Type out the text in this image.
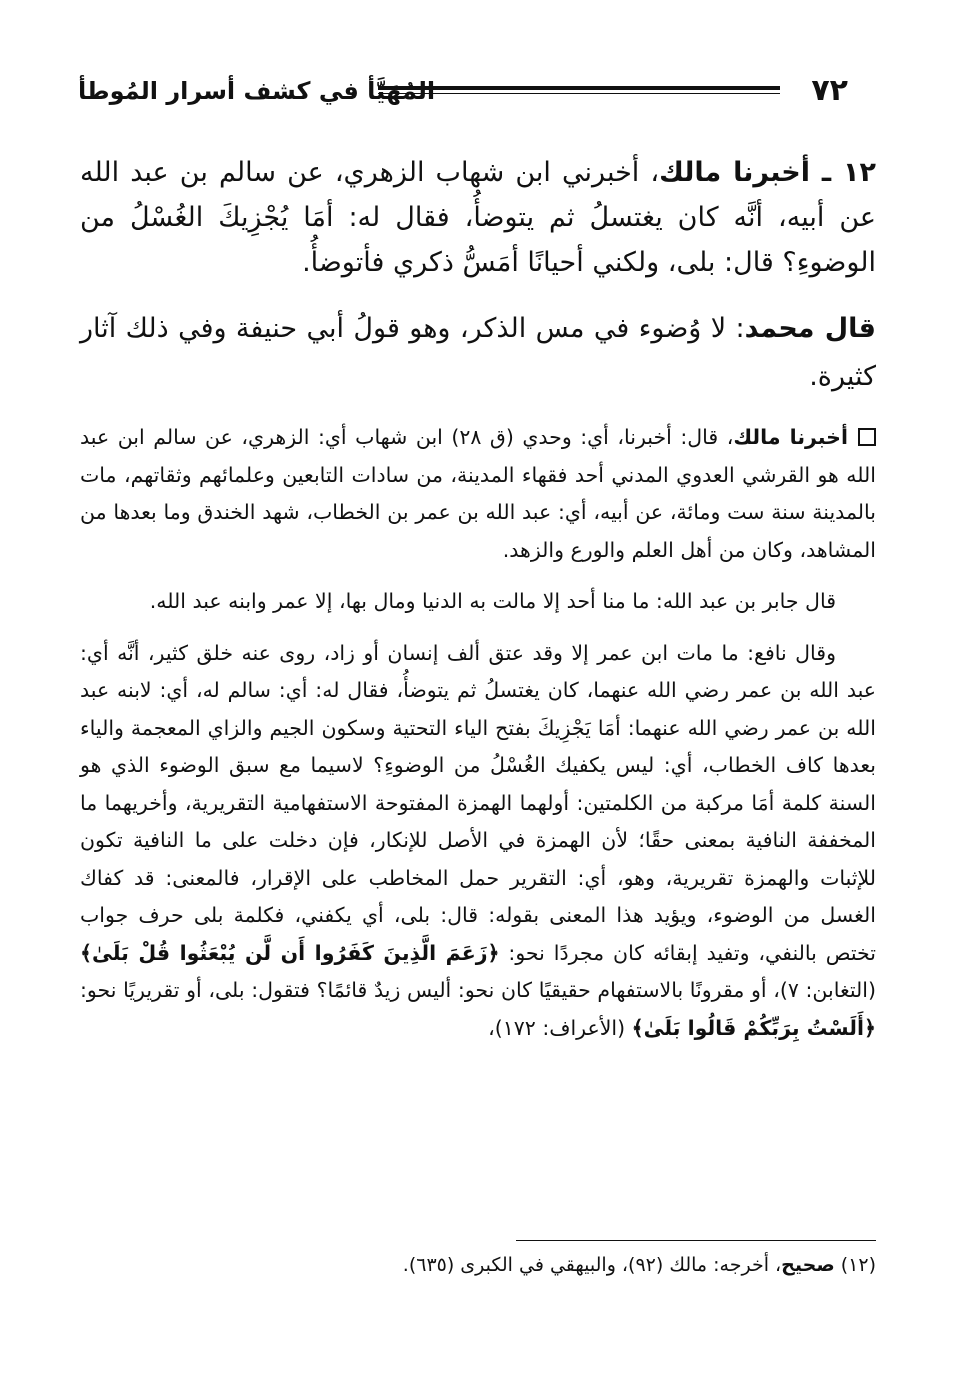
٧٢
المُهَيَّأ في كشف أسرار المُوطأ

١٢ ـ أخبرنا مالك، أخبرني ابن شهاب الزهري، عن سالم بن عبد الله عن أبيه، أنَّه كان يغتسلُ ثم يتوضأُ، فقال له: أمَا يُجْزِيكَ الغُسْلُ من الوضوءِ؟ قال: بلى، ولكني أحيانًا أمَسُّ ذكري فأتوضأُ.

قال محمد: لا وُضوء في مس الذكر، وهو قولُ أبي حنيفة وفي ذلك آثار كثيرة.

أخبرنا مالك، قال: أخبرنا، أي: وحدي (ق ٢٨) ابن شهاب أي: الزهري، عن سالم ابن عبد الله هو القرشي العدوي المدني أحد فقهاء المدينة، من سادات التابعين وعلمائهم وثقاتهم، مات بالمدينة سنة ست ومائة، عن أبيه، أي: عبد الله بن عمر بن الخطاب، شهد الخندق وما بعدها من المشاهد، وكان من أهل العلم والورع والزهد.

قال جابر بن عبد الله: ما منا أحد إلا مالت به الدنيا ومال بها، إلا عمر وابنه عبد الله.

وقال نافع: ما مات ابن عمر إلا وقد عتق ألف إنسان أو زاد، روى عنه خلق كثير، أنَّه أي: عبد الله بن عمر رضي الله عنهما، كان يغتسلُ ثم يتوضأُ، فقال له: أي: سالم له، أي: لابنه عبد الله بن عمر رضي الله عنهما: أمَا يَجْزِيكَ بفتح الياء التحتية وسكون الجيم والزاي المعجمة والياء بعدها كاف الخطاب، أي: ليس يكفيك الغُسْلُ من الوضوءِ؟ لاسيما مع سبق الوضوء الذي هو السنة كلمة أمَا مركبة من الكلمتين: أولهما الهمزة المفتوحة الاستفهامية التقريرية، وأخريهما ما المخففة النافية بمعنى حقًا؛ لأن الهمزة في الأصل للإنكار، فإن دخلت على ما النافية تكون للإثبات والهمزة تقريرية، وهو، أي: التقرير حمل المخاطب على الإقرار، فالمعنى: قد كفاك الغسل من الوضوء، ويؤيد هذا المعنى بقوله: قال: بلى، أي يكفني، فكلمة بلى حرف جواب تختص بالنفي، وتفيد إبقائه كان مجردًا نحو: ﴿زَعَمَ الَّذِينَ كَفَرُوا أَن لَّن يُبْعَثُوا قُلْ بَلَىٰ﴾ (التغابن: ٧)، أو مقرونًا بالاستفهام حقيقيًا كان نحو: أليس زيدٌ قائمًا؟ فتقول: بلى، أو تقريريًا نحو: ﴿أَلَسْتُ بِرَبِّكُمْ قَالُوا بَلَىٰ﴾ (الأعراف: ١٧٢)،

(١٢) صحيح، أخرجه: مالك (٩٢)، والبيهقي في الكبرى (٦٣٥).
